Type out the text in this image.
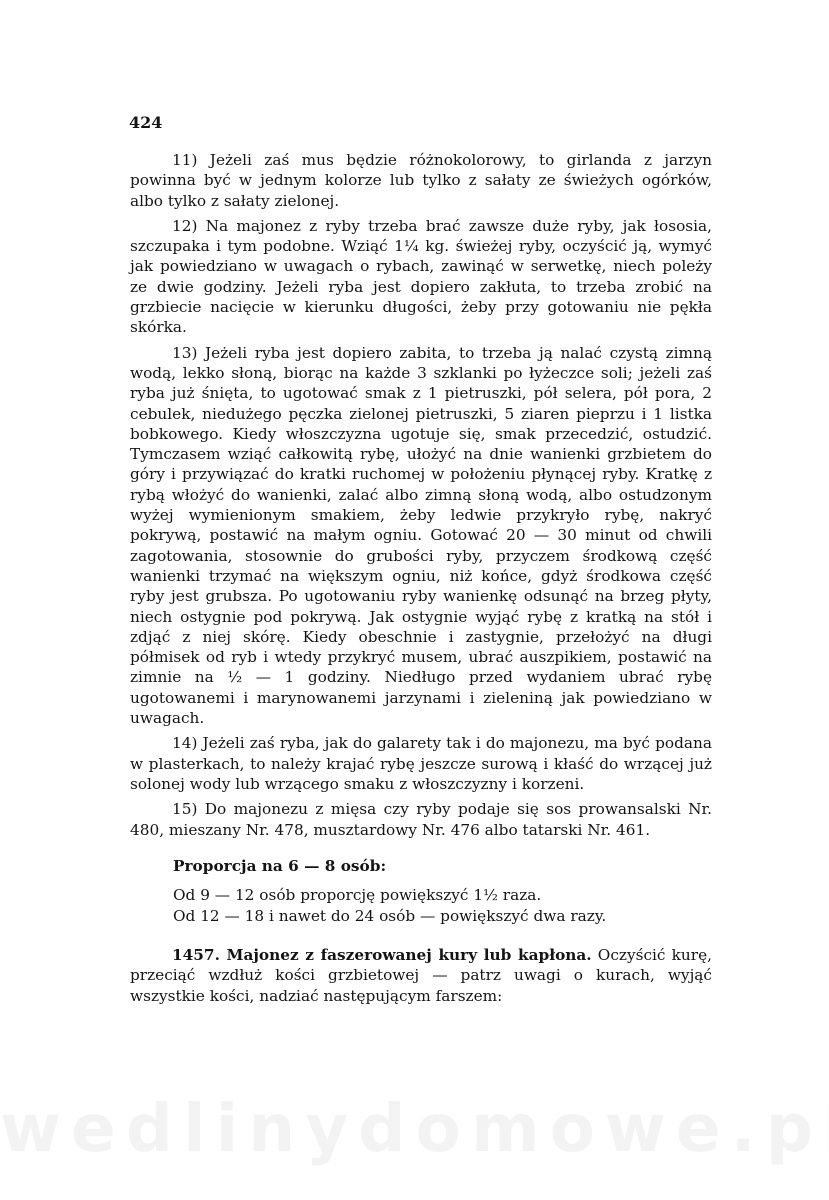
424

11) Jeżeli zaś mus będzie różnokolorowy, to girlanda z jarzyn powinna być w jednym kolorze lub tylko z sałaty ze świeżych ogórków, albo tylko z sałaty zielonej.

12) Na majonez z ryby trzeba brać zawsze duże ryby, jak łososia, szczupaka i tym podobne. Wziąć 1¼ kg. świeżej ryby, oczyścić ją, wymyć jak powiedziano w uwagach o rybach, zawinąć w serwetkę, niech poleży ze dwie godziny. Jeżeli ryba jest dopiero zakłuta, to trzeba zrobić na grzbiecie nacięcie w kierunku długości, żeby przy gotowaniu nie pękła skórka.

13) Jeżeli ryba jest dopiero zabita, to trzeba ją nalać czystą zimną wodą, lekko słoną, biorąc na każde 3 szklanki po łyżeczce soli; jeżeli zaś ryba już śnięta, to ugotować smak z 1 pietruszki, pół selera, pół pora, 2 cebulek, niedużego pęczka zielonej pietruszki, 5 ziaren pieprzu i 1 listka bobkowego. Kiedy włoszczyzna ugotuje się, smak przecedzić, ostudzić. Tymczasem wziąć całkowitą rybę, ułożyć na dnie wanienki grzbietem do góry i przywiązać do kratki ruchomej w położeniu płynącej ryby. Kratkę z rybą włożyć do wanienki, zalać albo zimną słoną wodą, albo ostudzonym wyżej wymienionym smakiem, żeby ledwie przykryło rybę, nakryć pokrywą, postawić na małym ogniu. Gotować 20 — 30 minut od chwili zagotowania, stosownie do grubości ryby, przyczem środkową część wanienki trzymać na większym ogniu, niż końce, gdyż środkowa część ryby jest grubsza. Po ugotowaniu ryby wanienkę odsunąć na brzeg płyty, niech ostygnie pod pokrywą. Jak ostygnie wyjąć rybę z kratką na stół i zdjąć z niej skórę. Kiedy obeschnie i zastygnie, przełożyć na długi półmisek od ryb i wtedy przykryć musem, ubrać auszpikiem, postawić na zimnie na ½ — 1 godziny. Niedługo przed wydaniem ubrać rybę ugotowanemi i marynowanemi jarzynami i zieleniną jak powiedziano w uwagach.

14) Jeżeli zaś ryba, jak do galarety tak i do majonezu, ma być podana w plasterkach, to należy krajać rybę jeszcze surową i kłaść do wrzącej już solonej wody lub wrzącego smaku z włoszczyzny i korzeni.

15) Do majonezu z mięsa czy ryby podaje się sos prowansalski Nr. 480, mieszany Nr. 478, musztardowy Nr. 476 albo tatarski Nr. 461.

Proporcja na 6 — 8 osób:
Od 9 — 12 osób proporcję powiększyć 1½ raza.
Od 12 — 18 i nawet do 24 osób — powiększyć dwa razy.
1457. Majonez z faszerowanej kury lub kapłona. Oczyścić kurę, przeciąć wzdłuż kości grzbietowej — patrz uwagi o kurach, wyjąć wszystkie kości, nadziać następującym farszem:
